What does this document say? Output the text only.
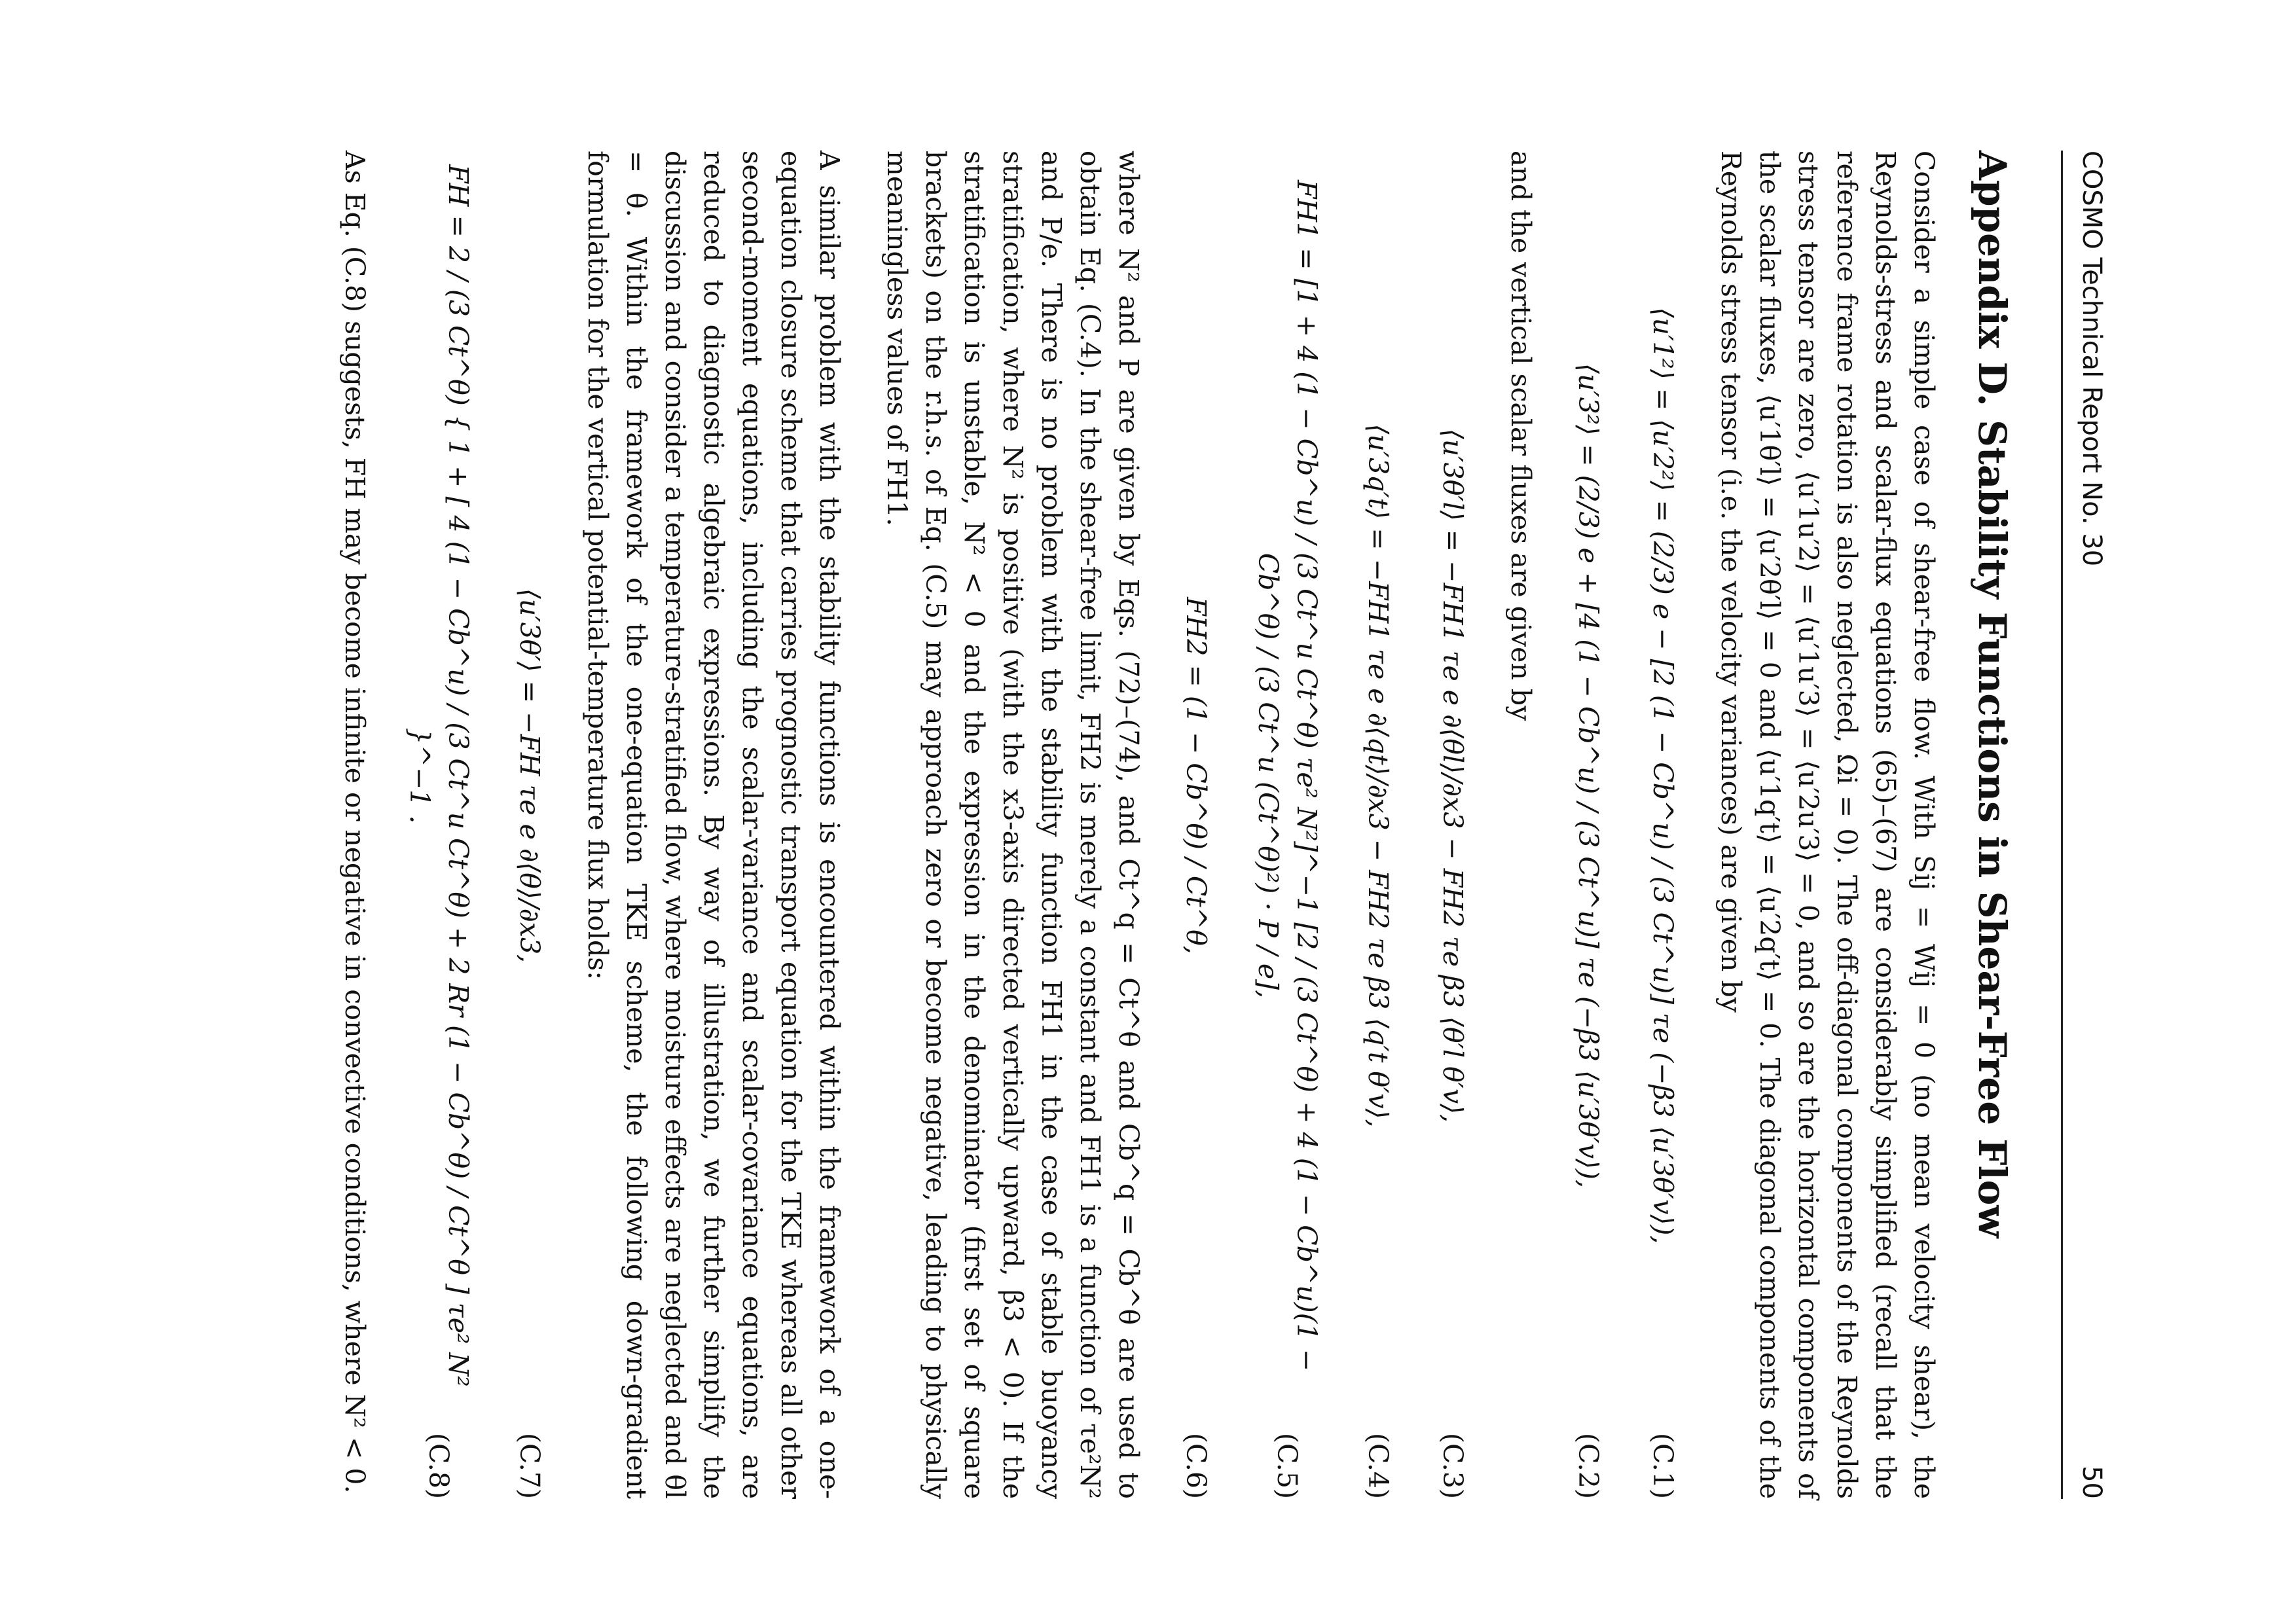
COSMO Technical Report No. 30
50
Appendix D. Stability Functions in Shear-Free Flow

Consider a simple case of shear-free flow. With Sij = Wij = 0 (no mean velocity shear), the Reynolds-stress and scalar-flux equations (65)–(67) are considerably simplified (recall that the reference frame rotation is also neglected, Ωi = 0). The off-diagonal components of the Reynolds stress tensor are zero, ⟨u′1u′2⟩ = ⟨u′1u′3⟩ = ⟨u′2u′3⟩ = 0, and so are the horizontal components of the scalar fluxes, ⟨u′1θ′l⟩ = ⟨u′2θ′l⟩ = 0 and ⟨u′1q′t⟩ = ⟨u′2q′t⟩ = 0. The diagonal components of the Reynolds stress tensor (i.e. the velocity variances) are given by

⟨u′1²⟩ = ⟨u′2²⟩ = (2/3) e − [2 (1 − Cb^u) / (3 Ct^u)] τe (−β3 ⟨u′3θ′v⟩),
(C.1)
⟨u′3²⟩ = (2/3) e + [4 (1 − Cb^u) / (3 Ct^u)] τe (−β3 ⟨u′3θ′v⟩),
(C.2)

and the vertical scalar fluxes are given by

⟨u′3θ′l⟩ = −FH1 τe e ∂⟨θl⟩/∂x3 − FH2 τe β3 ⟨θ′l θ′v⟩,
(C.3)
⟨u′3q′t⟩ = −FH1 τe e ∂⟨qt⟩/∂x3 − FH2 τe β3 ⟨q′t θ′v⟩,
(C.4)
FH1 = [1 + 4 (1 − Cb^u) / (3 Ct^u Ct^θ) τe² N²]^−1 [2 / (3 Ct^θ) + 4 (1 − Cb^u)(1 − Cb^θ) / (3 Ct^u (Ct^θ)²) · P / e],
(C.5)
FH2 = (1 − Cb^θ) / Ct^θ,
(C.6)

where N² and P are given by Eqs. (72)–(74), and Ct^q = Ct^θ and Cb^q = Cb^θ are used to obtain Eq. (C.4). In the shear-free limit, FH2 is merely a constant and FH1 is a function of τe²N² and P/e. There is no problem with the stability function FH1 in the case of stable buoyancy stratification, where N² is positive (with the x3-axis directed vertically upward, β3 < 0). If the stratification is unstable, N² < 0 and the expression in the denominator (first set of square brackets) on the r.h.s. of Eq. (C.5) may approach zero or become negative, leading to physically meaningless values of FH1.

A similar problem with the stability functions is encountered within the framework of a one-equation closure scheme that carries prognostic transport equation for the TKE whereas all other second-moment equations, including the scalar-variance and scalar-covariance equations, are reduced to diagnostic algebraic expressions. By way of illustration, we further simplify the discussion and consider a temperature-stratified flow, where moisture effects are neglected and θl = θ. Within the framework of the one-equation TKE scheme, the following down-gradient formulation for the vertical potential-temperature flux holds:

⟨u′3θ′⟩ = −FH τe e ∂⟨θ⟩/∂x3,
(C.7)
FH = 2 / (3 Ct^θ) { 1 + [ 4 (1 − Cb^u) / (3 Ct^u Ct^θ) + 2 Rr (1 − Cb^θ) / Ct^θ ] τe² N² }^−1 .
(C.8)

As Eq. (C.8) suggests, FH may become infinite or negative in convective conditions, where N² < 0.
